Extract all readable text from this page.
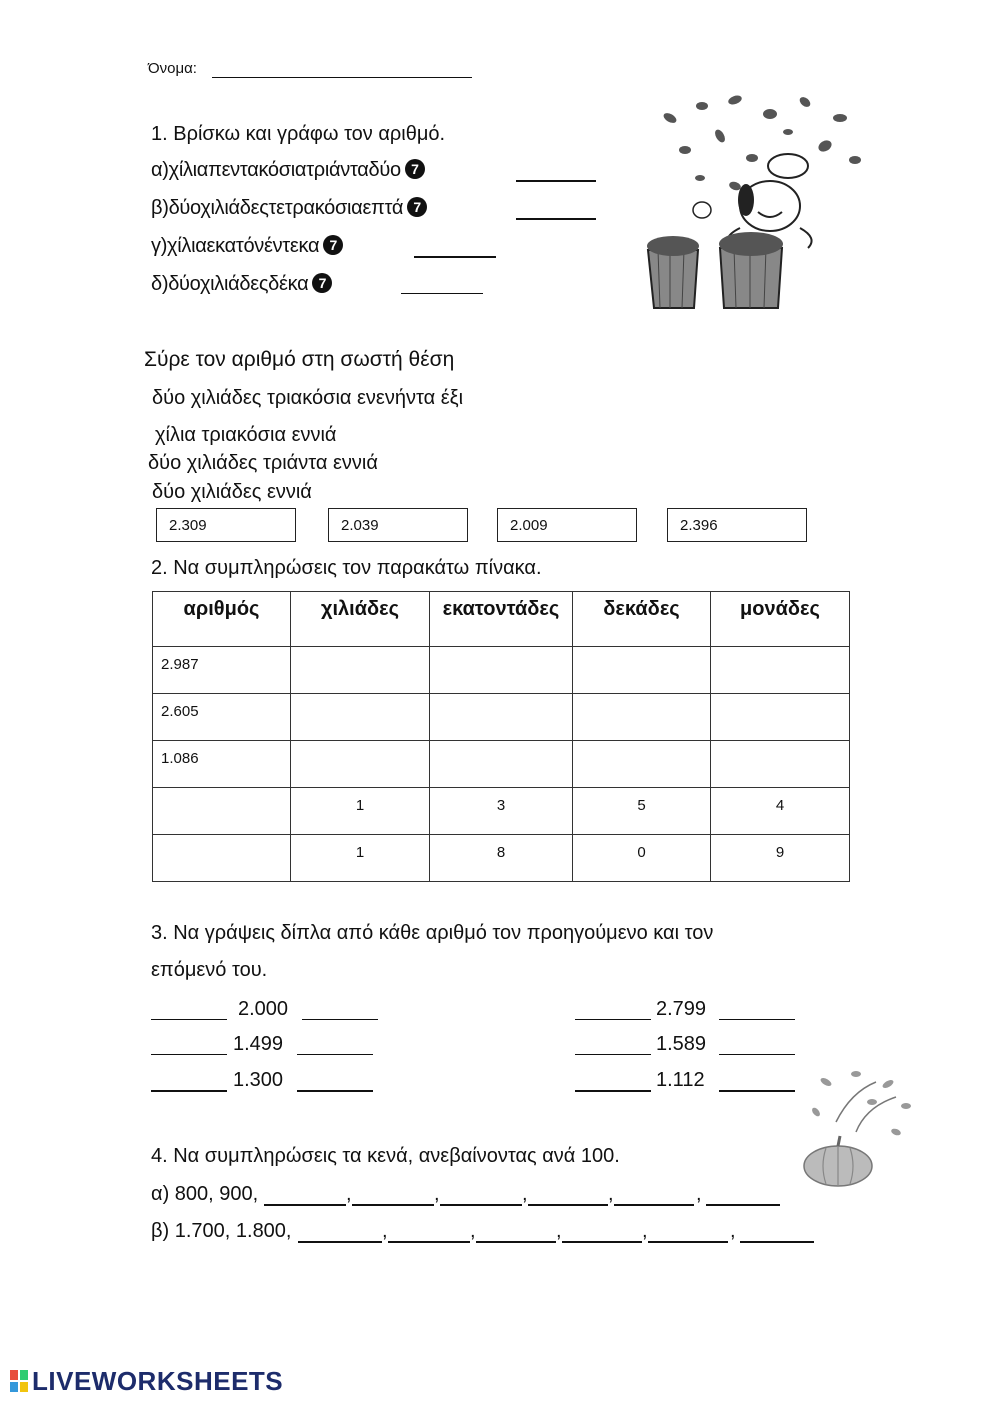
Όνομα:
1. Βρίσκω και γράφω τον αριθμό.
α)χίλιαπεντακόσιατριάνταδύο 7
β)δύοχιλιάδεςτετρακόσιαεπτά 7
γ)χίλιαεκατόνέντεκα 7
δ)δύοχιλιάδεςδέκα 7
Σύρε τον αριθμό στη σωστή θέση
δύο χιλιάδες τριακόσια ενενήντα έξι
χίλια τριακόσια εννιά
δύο χιλιάδες τριάντα εννιά
δύο χιλιάδες εννιά
2.309	2.039	2.009	2.396
2. Να συμπληρώσεις τον παρακάτω πίνακα.
αριθμός	χιλιάδες	εκατοντάδες	δεκάδες	μονάδες
2.987				
2.605				
1.086				
	1	3	5	4
	1	8	0	9
3. Να γράψεις δίπλα από κάθε αριθμό τον προηγούμενο και τον
επόμενό του.
2.000
1.499
1.300
2.799
1.589
1.112
4. Να συμπληρώσεις τα κενά, ανεβαίνοντας ανά 100.
α) 800, 900,	,	,	,	,	,
β) 1.700, 1.800,	,	,	,	,	,
LIVEWORKSHEETS
